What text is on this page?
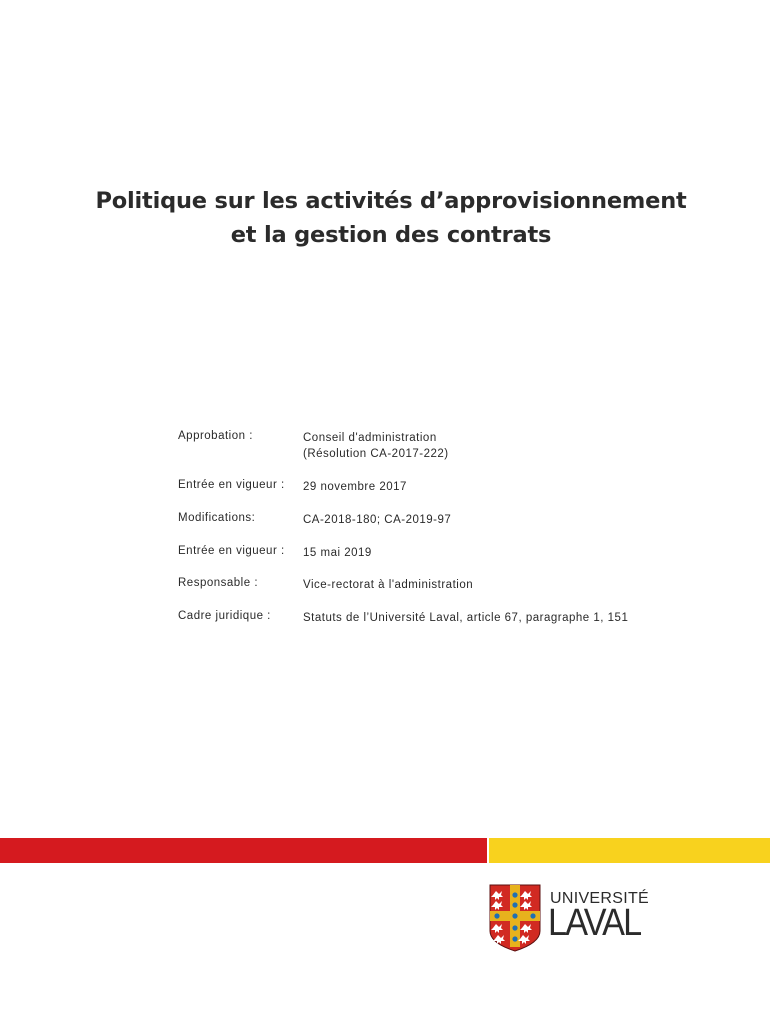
Politique sur les activités d’approvisionnement
et la gestion des contrats
Approbation :	Conseil d'administration
(Résolution CA-2017-222)
Entrée en vigueur : 29 novembre 2017
Modifications:	CA-2018-180; CA-2019-97
Entrée en vigueur : 15 mai 2019
Responsable :	Vice-rectorat à l'administration
Cadre juridique :	Statuts de l’Université Laval, article 67, paragraphe 1, 151
UNIVERSITÉ
LAVAL
